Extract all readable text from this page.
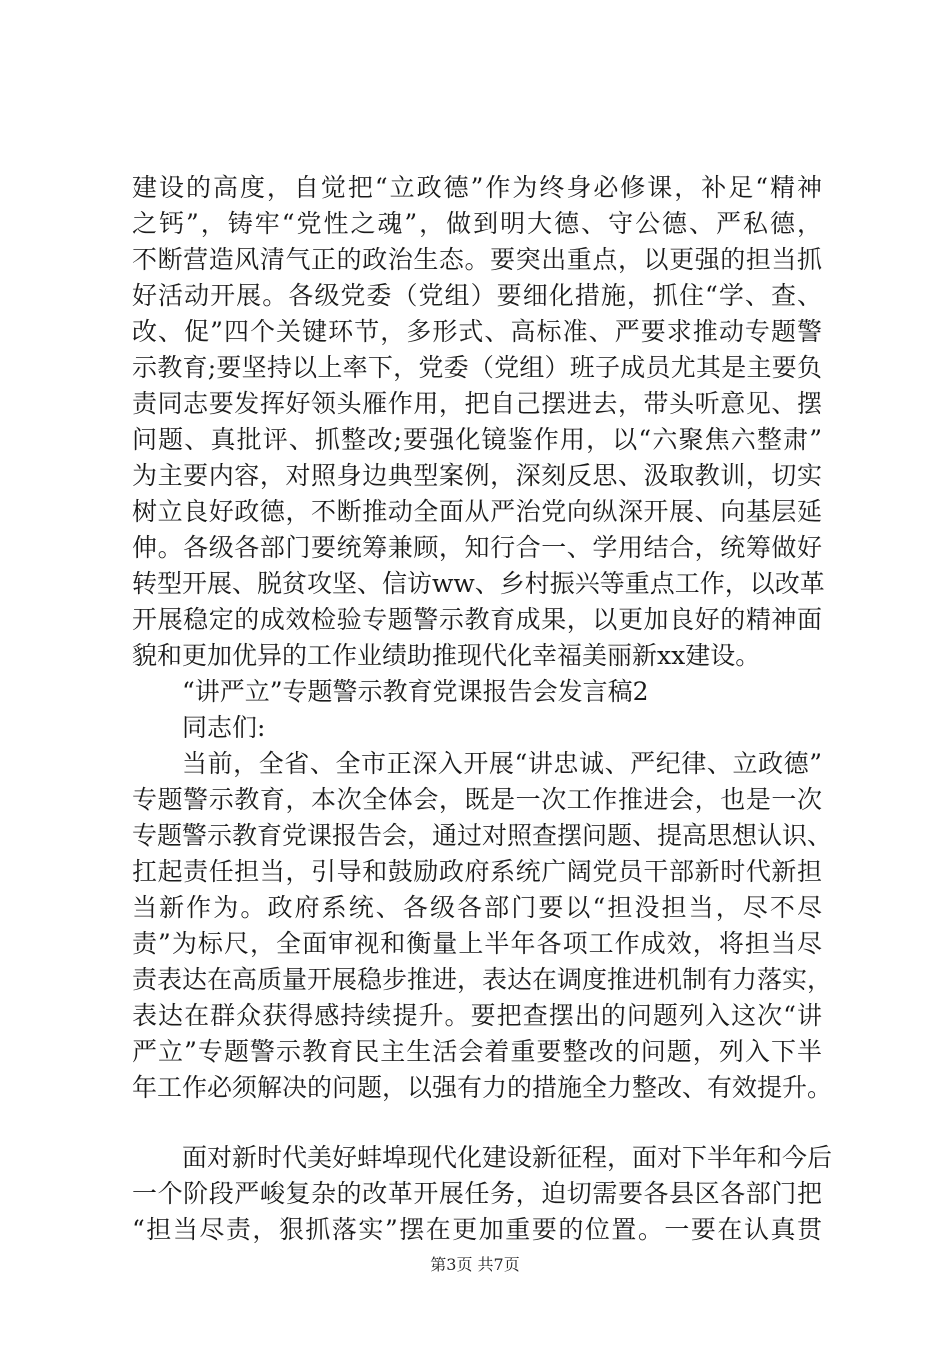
建设的高度，自觉把“立政德”作为终身必修课，补足“精神
之钙”，铸牢“党性之魂”，做到明大德、守公德、严私德，
不断营造风清气正的政治生态。要突出重点，以更强的担当抓
好活动开展。各级党委（党组）要细化措施，抓住“学、查、
改、促”四个关键环节，多形式、高标准、严要求推动专题警
示教育;要坚持以上率下，党委（党组）班子成员尤其是主要负
责同志要发挥好领头雁作用，把自己摆进去，带头听意见、摆
问题、真批评、抓整改;要强化镜鉴作用，以“六聚焦六整肃”
为主要内容，对照身边典型案例，深刻反思、汲取教训，切实
树立良好政德，不断推动全面从严治党向纵深开展、向基层延
伸。各级各部门要统筹兼顾，知行合一、学用结合，统筹做好
转型开展、脱贫攻坚、信访ww、乡村振兴等重点工作，以改革
开展稳定的成效检验专题警示教育成果，以更加良好的精神面
貌和更加优异的工作业绩助推现代化幸福美丽新xx建设。
“讲严立”专题警示教育党课报告会发言稿2
同志们:
当前，全省、全市正深入开展“讲忠诚、严纪律、立政德”
专题警示教育，本次全体会，既是一次工作推进会，也是一次
专题警示教育党课报告会，通过对照查摆问题、提高思想认识、
扛起责任担当，引导和鼓励政府系统广阔党员干部新时代新担
当新作为。政府系统、各级各部门要以“担没担当，尽不尽
责”为标尺，全面审视和衡量上半年各项工作成效，将担当尽
责表达在高质量开展稳步推进，表达在调度推进机制有力落实，
表达在群众获得感持续提升。要把查摆出的问题列入这次“讲
严立”专题警示教育民主生活会着重要整改的问题，列入下半
年工作必须解决的问题，以强有力的措施全力整改、有效提升。
面对新时代美好蚌埠现代化建设新征程，面对下半年和今后
一个阶段严峻复杂的改革开展任务，迫切需要各县区各部门把
“担当尽责，狠抓落实”摆在更加重要的位置。一要在认真贯
第3页 共7页
